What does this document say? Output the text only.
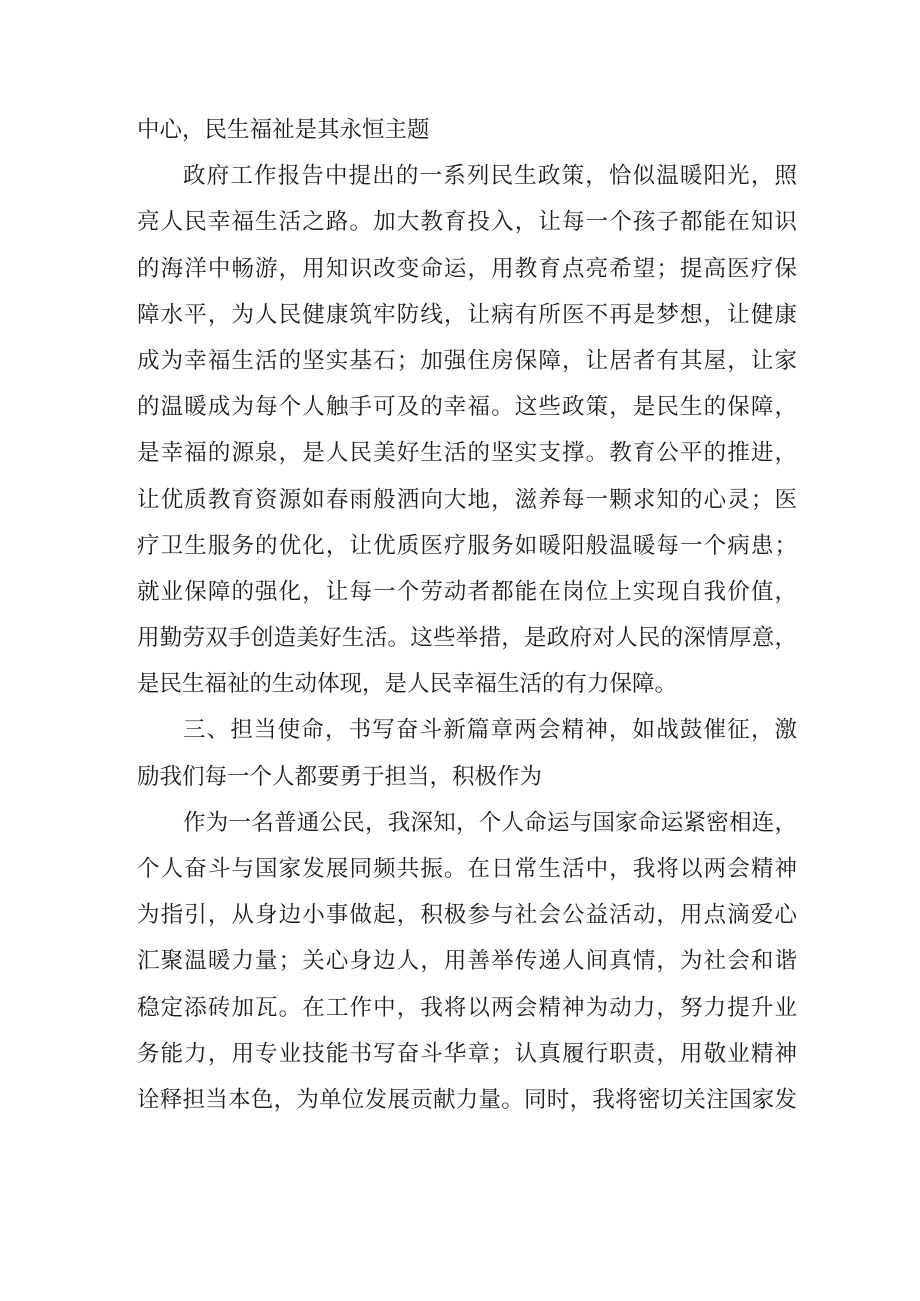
中心，民生福祉是其永恒主题
政府工作报告中提出的一系列民生政策，恰似温暖阳光，照
亮人民幸福生活之路。加大教育投入，让每一个孩子都能在知识
的海洋中畅游，用知识改变命运，用教育点亮希望；提高医疗保
障水平，为人民健康筑牢防线，让病有所医不再是梦想，让健康
成为幸福生活的坚实基石；加强住房保障，让居者有其屋，让家
的温暖成为每个人触手可及的幸福。这些政策，是民生的保障，
是幸福的源泉，是人民美好生活的坚实支撑。教育公平的推进，
让优质教育资源如春雨般洒向大地，滋养每一颗求知的心灵；医
疗卫生服务的优化，让优质医疗服务如暖阳般温暖每一个病患；
就业保障的强化，让每一个劳动者都能在岗位上实现自我价值，
用勤劳双手创造美好生活。这些举措，是政府对人民的深情厚意，
是民生福祉的生动体现，是人民幸福生活的有力保障。
三、担当使命，书写奋斗新篇章两会精神，如战鼓催征，激
励我们每一个人都要勇于担当，积极作为
作为一名普通公民，我深知，个人命运与国家命运紧密相连，
个人奋斗与国家发展同频共振。在日常生活中，我将以两会精神
为指引，从身边小事做起，积极参与社会公益活动，用点滴爱心
汇聚温暖力量；关心身边人，用善举传递人间真情，为社会和谐
稳定添砖加瓦。在工作中，我将以两会精神为动力，努力提升业
务能力，用专业技能书写奋斗华章；认真履行职责，用敬业精神
诠释担当本色，为单位发展贡献力量。同时，我将密切关注国家发
